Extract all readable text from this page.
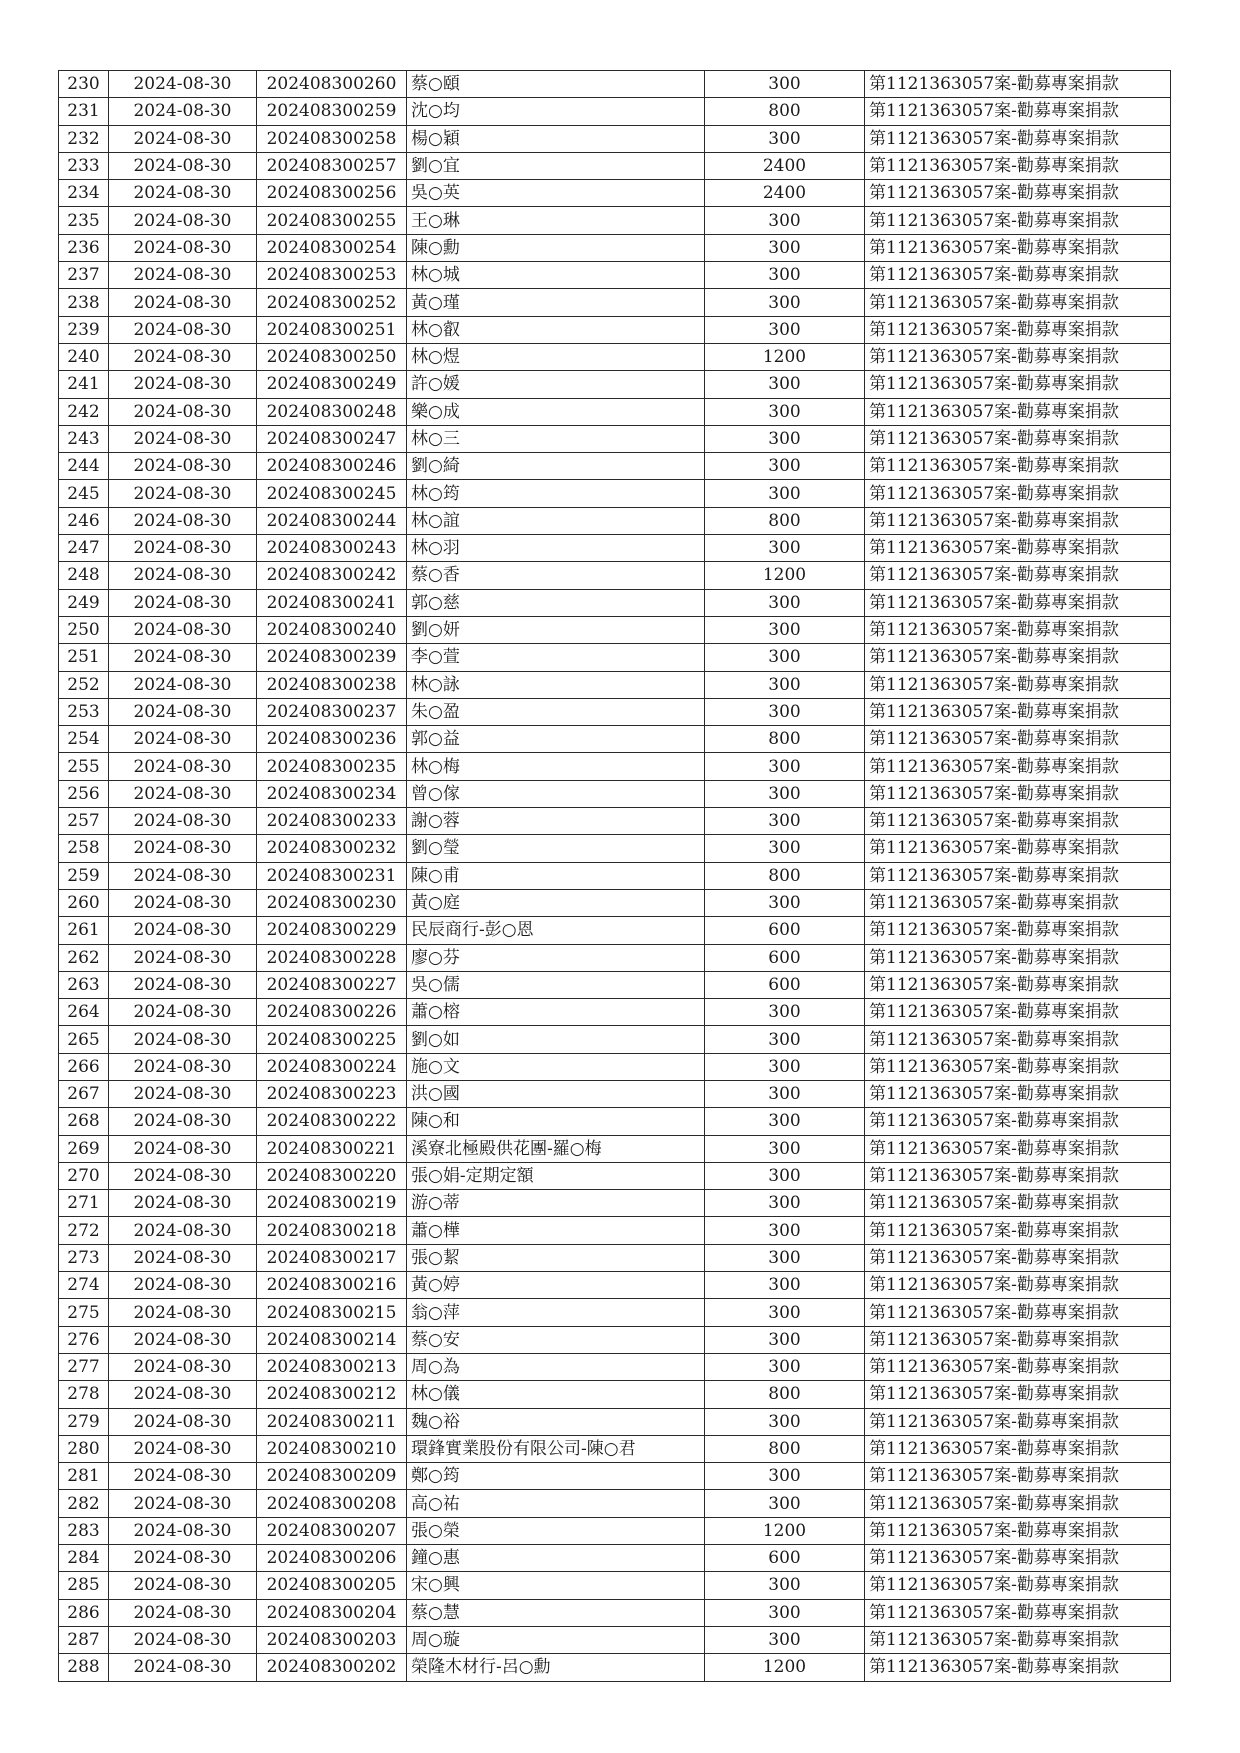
230	2024-08-30	202408300260	蔡○頤	300	第1121363057案-勸募專案捐款
231	2024-08-30	202408300259	沈○均	800	第1121363057案-勸募專案捐款
232	2024-08-30	202408300258	楊○穎	300	第1121363057案-勸募專案捐款
233	2024-08-30	202408300257	劉○宜	2400	第1121363057案-勸募專案捐款
234	2024-08-30	202408300256	吳○英	2400	第1121363057案-勸募專案捐款
235	2024-08-30	202408300255	王○琳	300	第1121363057案-勸募專案捐款
236	2024-08-30	202408300254	陳○勳	300	第1121363057案-勸募專案捐款
237	2024-08-30	202408300253	林○城	300	第1121363057案-勸募專案捐款
238	2024-08-30	202408300252	黃○瑾	300	第1121363057案-勸募專案捐款
239	2024-08-30	202408300251	林○叡	300	第1121363057案-勸募專案捐款
240	2024-08-30	202408300250	林○煜	1200	第1121363057案-勸募專案捐款
241	2024-08-30	202408300249	許○媛	300	第1121363057案-勸募專案捐款
242	2024-08-30	202408300248	樂○成	300	第1121363057案-勸募專案捐款
243	2024-08-30	202408300247	林○三	300	第1121363057案-勸募專案捐款
244	2024-08-30	202408300246	劉○綺	300	第1121363057案-勸募專案捐款
245	2024-08-30	202408300245	林○筠	300	第1121363057案-勸募專案捐款
246	2024-08-30	202408300244	林○誼	800	第1121363057案-勸募專案捐款
247	2024-08-30	202408300243	林○羽	300	第1121363057案-勸募專案捐款
248	2024-08-30	202408300242	蔡○香	1200	第1121363057案-勸募專案捐款
249	2024-08-30	202408300241	郭○慈	300	第1121363057案-勸募專案捐款
250	2024-08-30	202408300240	劉○妍	300	第1121363057案-勸募專案捐款
251	2024-08-30	202408300239	李○萱	300	第1121363057案-勸募專案捐款
252	2024-08-30	202408300238	林○詠	300	第1121363057案-勸募專案捐款
253	2024-08-30	202408300237	朱○盈	300	第1121363057案-勸募專案捐款
254	2024-08-30	202408300236	郭○益	800	第1121363057案-勸募專案捐款
255	2024-08-30	202408300235	林○梅	300	第1121363057案-勸募專案捐款
256	2024-08-30	202408300234	曾○傢	300	第1121363057案-勸募專案捐款
257	2024-08-30	202408300233	謝○蓉	300	第1121363057案-勸募專案捐款
258	2024-08-30	202408300232	劉○瑩	300	第1121363057案-勸募專案捐款
259	2024-08-30	202408300231	陳○甫	800	第1121363057案-勸募專案捐款
260	2024-08-30	202408300230	黃○庭	300	第1121363057案-勸募專案捐款
261	2024-08-30	202408300229	民辰商行-彭○恩	600	第1121363057案-勸募專案捐款
262	2024-08-30	202408300228	廖○芬	600	第1121363057案-勸募專案捐款
263	2024-08-30	202408300227	吳○儒	600	第1121363057案-勸募專案捐款
264	2024-08-30	202408300226	蕭○榕	300	第1121363057案-勸募專案捐款
265	2024-08-30	202408300225	劉○如	300	第1121363057案-勸募專案捐款
266	2024-08-30	202408300224	施○文	300	第1121363057案-勸募專案捐款
267	2024-08-30	202408300223	洪○國	300	第1121363057案-勸募專案捐款
268	2024-08-30	202408300222	陳○和	300	第1121363057案-勸募專案捐款
269	2024-08-30	202408300221	溪寮北極殿供花團-羅○梅	300	第1121363057案-勸募專案捐款
270	2024-08-30	202408300220	張○娟-定期定額	300	第1121363057案-勸募專案捐款
271	2024-08-30	202408300219	游○蒂	300	第1121363057案-勸募專案捐款
272	2024-08-30	202408300218	蕭○樺	300	第1121363057案-勸募專案捐款
273	2024-08-30	202408300217	張○絜	300	第1121363057案-勸募專案捐款
274	2024-08-30	202408300216	黃○婷	300	第1121363057案-勸募專案捐款
275	2024-08-30	202408300215	翁○萍	300	第1121363057案-勸募專案捐款
276	2024-08-30	202408300214	蔡○安	300	第1121363057案-勸募專案捐款
277	2024-08-30	202408300213	周○為	300	第1121363057案-勸募專案捐款
278	2024-08-30	202408300212	林○儀	800	第1121363057案-勸募專案捐款
279	2024-08-30	202408300211	魏○裕	300	第1121363057案-勸募專案捐款
280	2024-08-30	202408300210	環鋒實業股份有限公司-陳○君	800	第1121363057案-勸募專案捐款
281	2024-08-30	202408300209	鄭○筠	300	第1121363057案-勸募專案捐款
282	2024-08-30	202408300208	高○祐	300	第1121363057案-勸募專案捐款
283	2024-08-30	202408300207	張○榮	1200	第1121363057案-勸募專案捐款
284	2024-08-30	202408300206	鐘○惠	600	第1121363057案-勸募專案捐款
285	2024-08-30	202408300205	宋○興	300	第1121363057案-勸募專案捐款
286	2024-08-30	202408300204	蔡○慧	300	第1121363057案-勸募專案捐款
287	2024-08-30	202408300203	周○璇	300	第1121363057案-勸募專案捐款
288	2024-08-30	202408300202	榮隆木材行-呂○勳	1200	第1121363057案-勸募專案捐款
